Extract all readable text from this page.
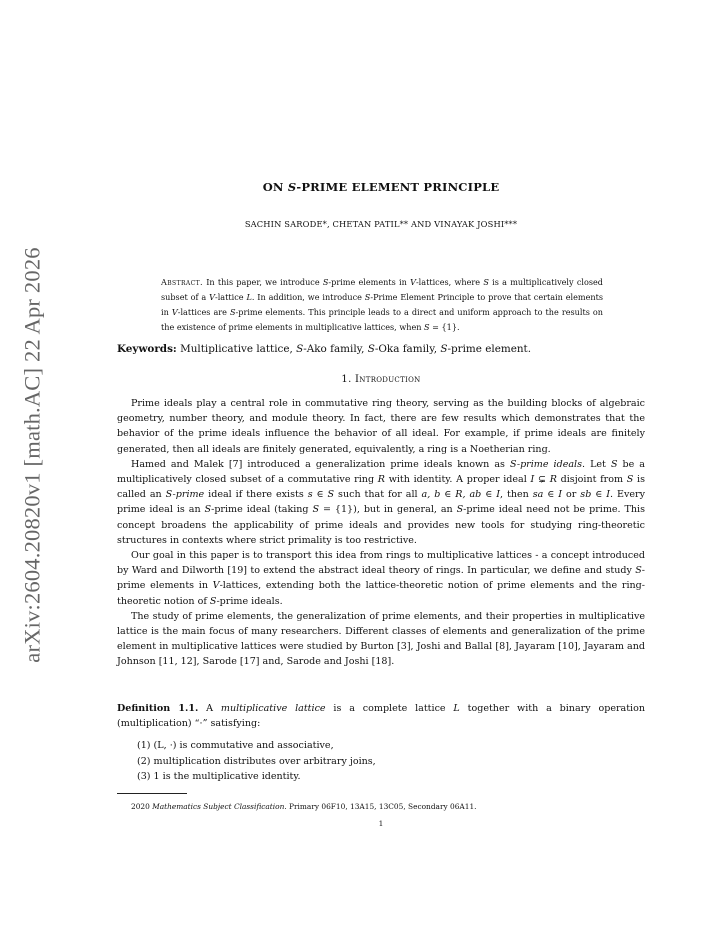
arXiv:2604.20820v1 [math.AC] 22 Apr 2026
ON S-PRIME ELEMENT PRINCIPLE
SACHIN SARODE*, CHETAN PATIL** AND VINAYAK JOSHI***
Abstract. In this paper, we introduce S-prime elements in V-lattices, where S is a multiplicatively closed subset of a V-lattice L. In addition, we introduce S-Prime Element Principle to prove that certain elements in V-lattices are S-prime elements. This principle leads to a direct and uniform approach to the results on the existence of prime elements in multiplicative lattices, when S = {1}.
Keywords: Multiplicative lattice, S-Ako family, S-Oka family, S-prime element.
1. Introduction

Prime ideals play a central role in commutative ring theory, serving as the building blocks of algebraic geometry, number theory, and module theory. In fact, there are few results which demonstrates that the behavior of the prime ideals influence the behavior of all ideal. For example, if prime ideals are finitely generated, then all ideals are finitely generated, equivalently, a ring is a Noetherian ring.

Hamed and Malek [7] introduced a generalization prime ideals known as S-prime ideals. Let S be a multiplicatively closed subset of a commutative ring R with identity. A proper ideal I ⊊ R disjoint from S is called an S-prime ideal if there exists s ∈ S such that for all a, b ∈ R, ab ∈ I, then sa ∈ I or sb ∈ I. Every prime ideal is an S-prime ideal (taking S = {1}), but in general, an S-prime ideal need not be prime. This concept broadens the applicability of prime ideals and provides new tools for studying ring-theoretic structures in contexts where strict primality is too restrictive.

Our goal in this paper is to transport this idea from rings to multiplicative lattices - a concept introduced by Ward and Dilworth [19] to extend the abstract ideal theory of rings. In particular, we define and study S-prime elements in V-lattices, extending both the lattice-theoretic notion of prime elements and the ring-theoretic notion of S-prime ideals.

The study of prime elements, the generalization of prime elements, and their properties in multiplicative lattice is the main focus of many researchers. Different classes of elements and generalization of the prime element in multiplicative lattices were studied by Burton [3], Joshi and Ballal [8], Jayaram [10], Jayaram and Johnson [11, 12], Sarode [17] and, Sarode and Joshi [18].

Definition 1.1. A multiplicative lattice is a complete lattice L together with a binary operation (multiplication) “·” satisfying:
(1) (L, ·) is commutative and associative,
(2) multiplication distributes over arbitrary joins,
(3) 1 is the multiplicative identity.
2020 Mathematics Subject Classification. Primary 06F10, 13A15, 13C05, Secondary 06A11.
1
